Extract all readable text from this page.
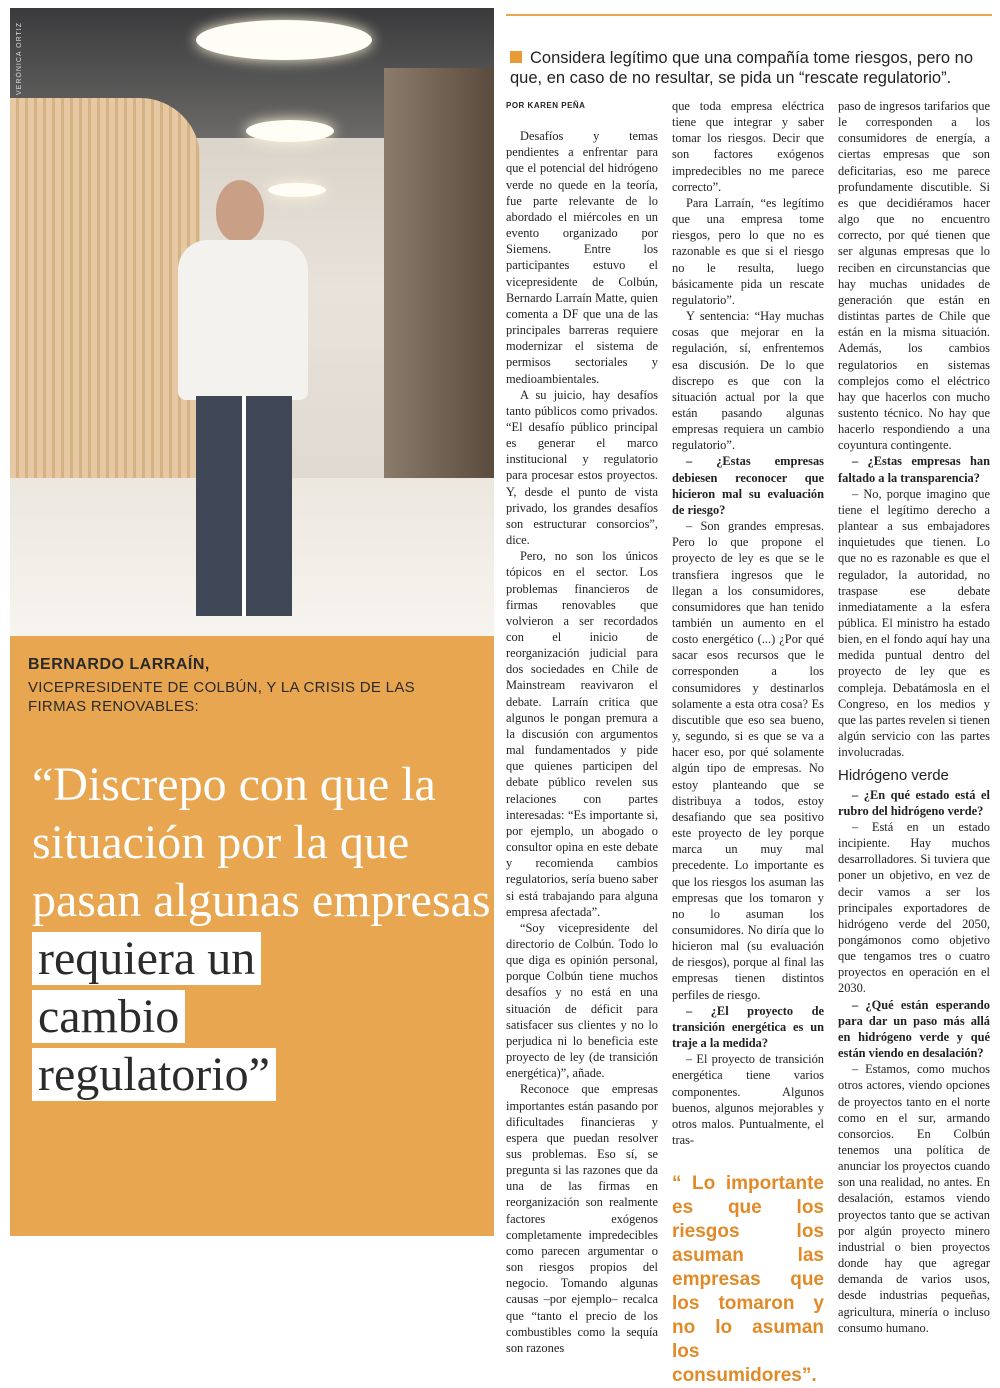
VERÓNICA ORTIZ
BERNARDO LARRAÍN,
VICEPRESIDENTE DE COLBÚN, Y LA CRISIS DE LAS FIRMAS RENOVABLES:
“Discrepo con que la situación por la que pasan algunas empresas
requiera un
cambio
regulatorio”
Considera legítimo que una compañía tome riesgos, pero no que, en caso de no resultar, se pida un “rescate regulatorio”.
POR KAREN PEÑA

Desafíos y temas pendientes a enfrentar para que el potencial del hidrógeno verde no quede en la teoría, fue parte relevante de lo abordado el miércoles en un evento organizado por Siemens. Entre los participantes estuvo el vicepresidente de Colbún, Bernardo Larraín Matte, quien comenta a DF que una de las principales barreras requiere modernizar el sistema de permisos sectoriales y medioambientales.

A su juicio, hay desafíos tanto públicos como privados. “El desafío público principal es generar el marco institucional y regulatorio para procesar estos proyectos. Y, desde el punto de vista privado, los grandes desafíos son estructurar consorcios”, dice.

Pero, no son los únicos tópicos en el sector. Los problemas financieros de firmas renovables que volvieron a ser recordados con el inicio de reorganización judicial para dos sociedades en Chile de Mainstream reavivaron el debate. Larraín critica que algunos le pongan premura a la discusión con argumentos mal fundamentados y pide que quienes participen del debate público revelen sus relaciones con partes interesadas: “Es importante si, por ejemplo, un abogado o consultor opina en este debate y recomienda cambios regulatorios, sería bueno saber si está trabajando para alguna empresa afectada”.

“Soy vicepresidente del directorio de Colbún. Todo lo que diga es opinión personal, porque Colbún tiene muchos desafíos y no está en una situación de déficit para satisfacer sus clientes y no lo perjudica ni lo beneficia este proyecto de ley (de transición energética)”, añade.

Reconoce que empresas importantes están pasando por dificultades financieras y espera que puedan resolver sus problemas. Eso sí, se pregunta si las razones que da una de las firmas en reorganización son realmente factores exógenos completamente impredecibles como parecen argumentar o son riesgos propios del negocio. Tomando algunas causas –por ejemplo– recalca que “tanto el precio de los combustibles como la sequía son razones

que toda empresa eléctrica tiene que integrar y saber tomar los riesgos. Decir que son factores exógenos impredecibles no me parece correcto”.

Para Larraín, “es legítimo que una empresa tome riesgos, pero lo que no es razonable es que si el riesgo no le resulta, luego básicamente pida un rescate regulatorio”.

Y sentencia: “Hay muchas cosas que mejorar en la regulación, sí, enfrentemos esa discusión. De lo que discrepo es que con la situación actual por la que están pasando algunas empresas requiera un cambio regulatorio”.

– ¿Estas empresas debiesen reconocer que hicieron mal su evaluación de riesgo?

– Son grandes empresas. Pero lo que propone el proyecto de ley es que se le transfiera ingresos que le llegan a los consumidores, consumidores que han tenido también un aumento en el costo energético (...) ¿Por qué sacar esos recursos que le corresponden a los consumidores y destinarlos solamente a esta otra cosa? Es discutible que eso sea bueno, y, segundo, si es que se va a hacer eso, por qué solamente algún tipo de empresas. No estoy planteando que se distribuya a todos, estoy desafiando que sea positivo este proyecto de ley porque marca un muy mal precedente. Lo importante es que los riesgos los asuman las empresas que los tomaron y no lo asuman los consumidores. No diría que lo hicieron mal (su evaluación de riesgos), porque al final las empresas tienen distintos perfiles de riesgo.

– ¿El proyecto de transición energética es un traje a la medida?

– El proyecto de transición energética tiene varios componentes. Algunos buenos, algunos mejorables y otros malos. Puntualmente, el tras-

“ Lo importante es que los riesgos los asuman las empresas que los tomaron y no lo asuman los consumidores”.

paso de ingresos tarifarios que le corresponden a los consumidores de energía, a ciertas empresas que son deficitarias, eso me parece profundamente discutible. Si es que decidiéramos hacer algo que no encuentro correcto, por qué tienen que ser algunas empresas que lo reciben en circunstancias que hay muchas unidades de generación que están en distintas partes de Chile que están en la misma situación. Además, los cambios regulatorios en sistemas complejos como el eléctrico hay que hacerlos con mucho sustento técnico. No hay que hacerlo respondiendo a una coyuntura contingente.

– ¿Estas empresas han faltado a la transparencia?

– No, porque imagino que tiene el legítimo derecho a plantear a sus embajadores inquietudes que tienen. Lo que no es razonable es que el regulador, la autoridad, no traspase ese debate inmediatamente a la esfera pública. El ministro ha estado bien, en el fondo aquí hay una medida puntual dentro del proyecto de ley que es compleja. Debatámosla en el Congreso, en los medios y que las partes revelen si tienen algún servicio con las partes involucradas.

Hidrógeno verde

– ¿En qué estado está el rubro del hidrógeno verde?

– Está en un estado incipiente. Hay muchos desarrolladores. Si tuviera que poner un objetivo, en vez de decir vamos a ser los principales exportadores de hidrógeno verde del 2050, pongámonos como objetivo que tengamos tres o cuatro proyectos en operación en el 2030.

– ¿Qué están esperando para dar un paso más allá en hidrógeno verde y qué están viendo en desalación?

– Estamos, como muchos otros actores, viendo opciones de proyectos tanto en el norte como en el sur, armando consorcios. En Colbún tenemos una política de anunciar los proyectos cuando son una realidad, no antes. En desalación, estamos viendo proyectos tanto que se activan por algún proyecto minero industrial o bien proyectos donde hay que agregar demanda de varios usos, desde industrias pequeñas, agricultura, minería o incluso consumo humano.
